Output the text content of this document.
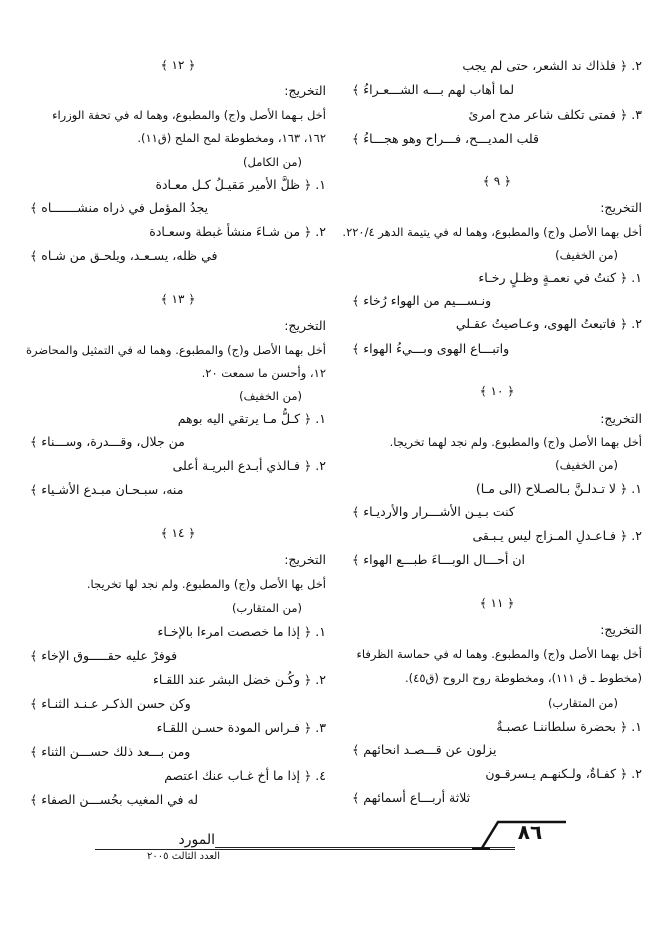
٢. ﴿ فلذاك ند الشعر، حتى لم يجب
لما أهاب لهم بـــه الشـــعـراءُ ﴾
٣. ﴿ فمتى تكلف شاعر مدح امرئ
قلب المديـــح، فـــراح وهو هجـــاءُ ﴾
﴿ ٩ ﴾
التخريج:
أخل بهما الأصل و(ج) والمطبوع، وهما له في يتيمة الدهر ٢٢٠/٤.
(من الخفيف)
١. ﴿ كنتُ في نعمـةٍ وظـلٍ رخـاء
ونـســـيم من الهواء رُخاء ﴾
٢. ﴿ فاتبعتُ الهوى، وعـاصيتُ عقـلي
واتبـــاع الهوى وبـــيءُ الهواء ﴾
﴿ ١٠ ﴾
التخريج:
أخل بهما الأصل و(ج) والمطبوع. ولم نجد لهما تخريجا.
(من الخفيف)
١. ﴿ لا تـدلـنَّ بـالصـلاح (الى مـا)
كنت بـيـن الأشـــرار والأرديـاء ﴾
٢. ﴿ فـاعـدلِ المـزاج ليس يـبـقى
ان أحـــال الوبـــاءَ طبـــع الهواء ﴾
﴿ ١١ ﴾
التخريج:
أخل بهما الأصل و(ج) والمطبوع. وهما له في حماسة الظرفاء
(مخطوط ـ ق ١١١)، ومخطوطة روح الروح (ق٤٥).
(من المتقارب)
١. ﴿ بحضرة سلطاننـا عصبـةٌ
يزلون عن قـــصـد انحائهم ﴾
٢. ﴿ كفـاةٌ، ولـكنهـم يـسرقـون
ثلاثة أربـــاع أسمائهم ﴾
﴿ ١٢ ﴾
التخريج:
أخل بـهما الأصل و(ج) والمطبوع، وهما له في تحفة الوزراء
١٦٢، ١٦٣، ومخطوطة لمح الملح (ق١١).
(من الكامل)
١. ﴿ ظلَّ الأمير مَقيـلُ كـل معـادة
يجدُ المؤمل في ذراه منشـــــــاه ﴾
٢. ﴿ من شـاءَ منشأ غبطة وسعـادة
في ظله، يسـعـد، ويلحـق من شـاه ﴾
﴿ ١٣ ﴾
التخريج:
أخل بهما الأصل و(ج) والمطبوع. وهما له في التمثيل والمحاضرة
١٢، وأحسن ما سمعت ٢٠.
(من الخفيف)
١. ﴿ كـلُّ مـا يرتقي اليه بوهم
من جلال، وقـــدرة، وســـناء ﴾
٢. ﴿ فـالذي أبـدع البريـة أعلى
منه، سبـحـان مبـدع الأشـياء ﴾
﴿ ١٤ ﴾
التخريج:
أخل بها الأصل و(ج) والمطبوع. ولم نجد لها تخريجا.
(من المتقارب)
١. ﴿ إذا ما خصصت امرءا بالإخـاء
فوفرْ عليه حقـــــوق الإخاء ﴾
٢. ﴿ وكُـن خضل البشر عند اللقـاء
وكن حسن الذكـر عـنـد الثنـاء ﴾
٣. ﴿ فـراس المودة حسـن اللقـاء
ومن بـــعد ذلك حســـن الثناء ﴾
٤. ﴿ إذا ما أخ غـاب عنك اعتصم
له في المغيب بحُســـن الصفاء ﴾
٨٦
المورد
العدد الثالث ٢٠٠٥
